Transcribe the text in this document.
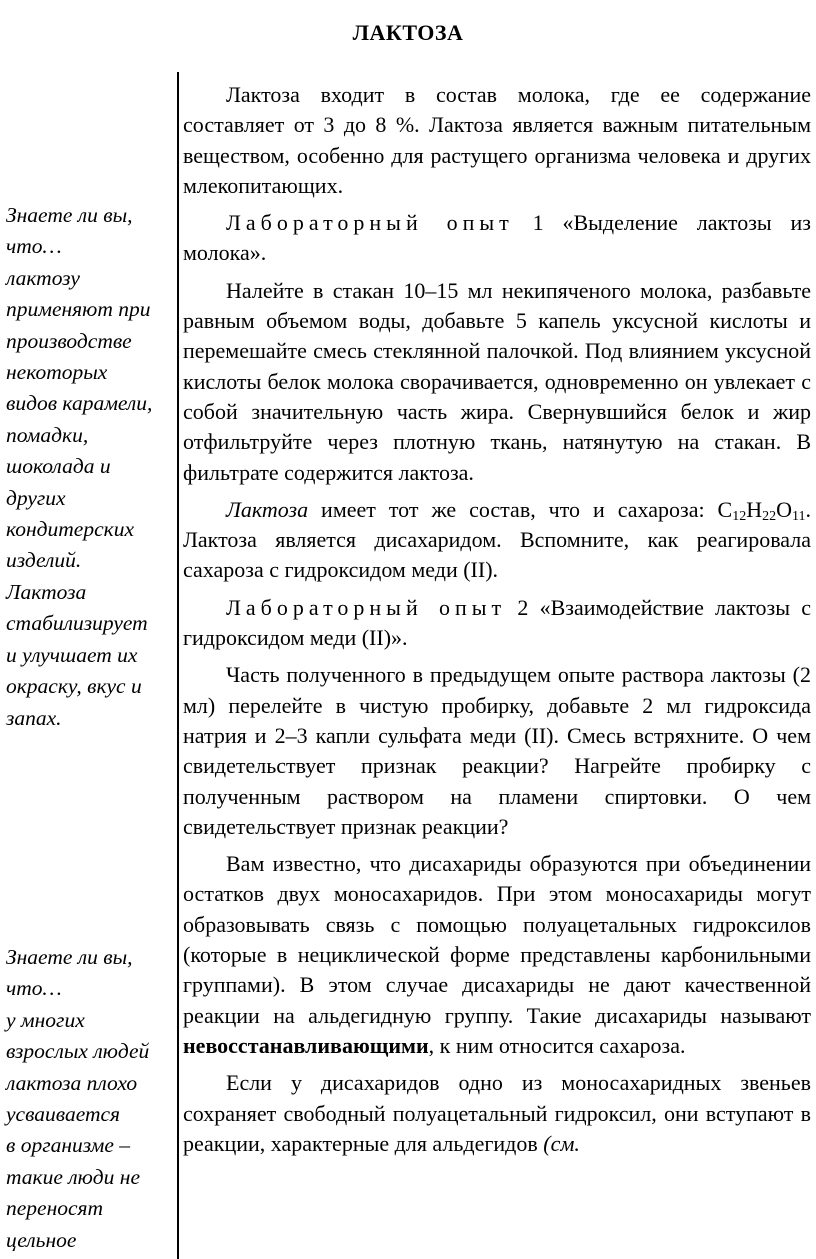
ЛАКТОЗА
Знаете ли вы,
что…
лактозу
применяют при
производстве
некоторых
видов карамели,
помадки,
шоколада и
других
кондитерских
изделий.
Лактоза
стабилизирует
и улучшает их
окраску, вкус и
запах.
Знаете ли вы,
что…
у многих
взрослых людей
лактоза плохо
усваивается
в организме –
такие люди не
переносят
цельное

Лактоза входит в состав молока, где ее содержание составляет от 3 до 8 %. Лактоза является важным питательным веществом, особенно для растущего организма человека и других млекопитающих.

Лабораторный опыт 1 «Выделение лактозы из молока».

Налейте в стакан 10–15 мл некипяченого молока, разбавьте равным объемом воды, добавьте 5 капель уксусной кислоты и перемешайте смесь стеклянной палочкой. Под влиянием уксусной кислоты белок молока сворачивается, одновременно он увлекает с собой значительную часть жира. Свернувшийся белок и жир отфильтруйте через плотную ткань, натянутую на стакан. В фильтрате содержится лактоза.

Лактоза имеет тот же состав, что и сахароза: $С_{12}Н_{22}О_{11}$. Лактоза является дисахаридом. Вспомните, как реагировала сахароза с гидроксидом меди (II).

Лабораторный опыт 2 «Взаимодействие лактозы с гидроксидом меди (II)».

Часть полученного в предыдущем опыте раствора лактозы (2 мл) перелейте в чистую пробирку, добавьте 2 мл гидроксида натрия и 2–3 капли сульфата меди (II). Смесь встряхните. О чем свидетельствует признак реакции? Нагрейте пробирку с полученным раствором на пламени спиртовки. О чем свидетельствует признак реакции?

Вам известно, что дисахариды образуются при объединении остатков двух моносахаридов. При этом моносахариды могут образовывать связь с помощью полуацетальных гидроксилов (которые в нециклической форме представлены карбонильными группами). В этом случае дисахариды не дают качественной реакции на альдегидную группу. Такие дисахариды называют невосстанавливающими, к ним относится сахароза.

Если у дисахаридов одно из моносахаридных звеньев сохраняет свободный полуацетальный гидроксил, они вступают в реакции, характерные для альдегидов (см.
